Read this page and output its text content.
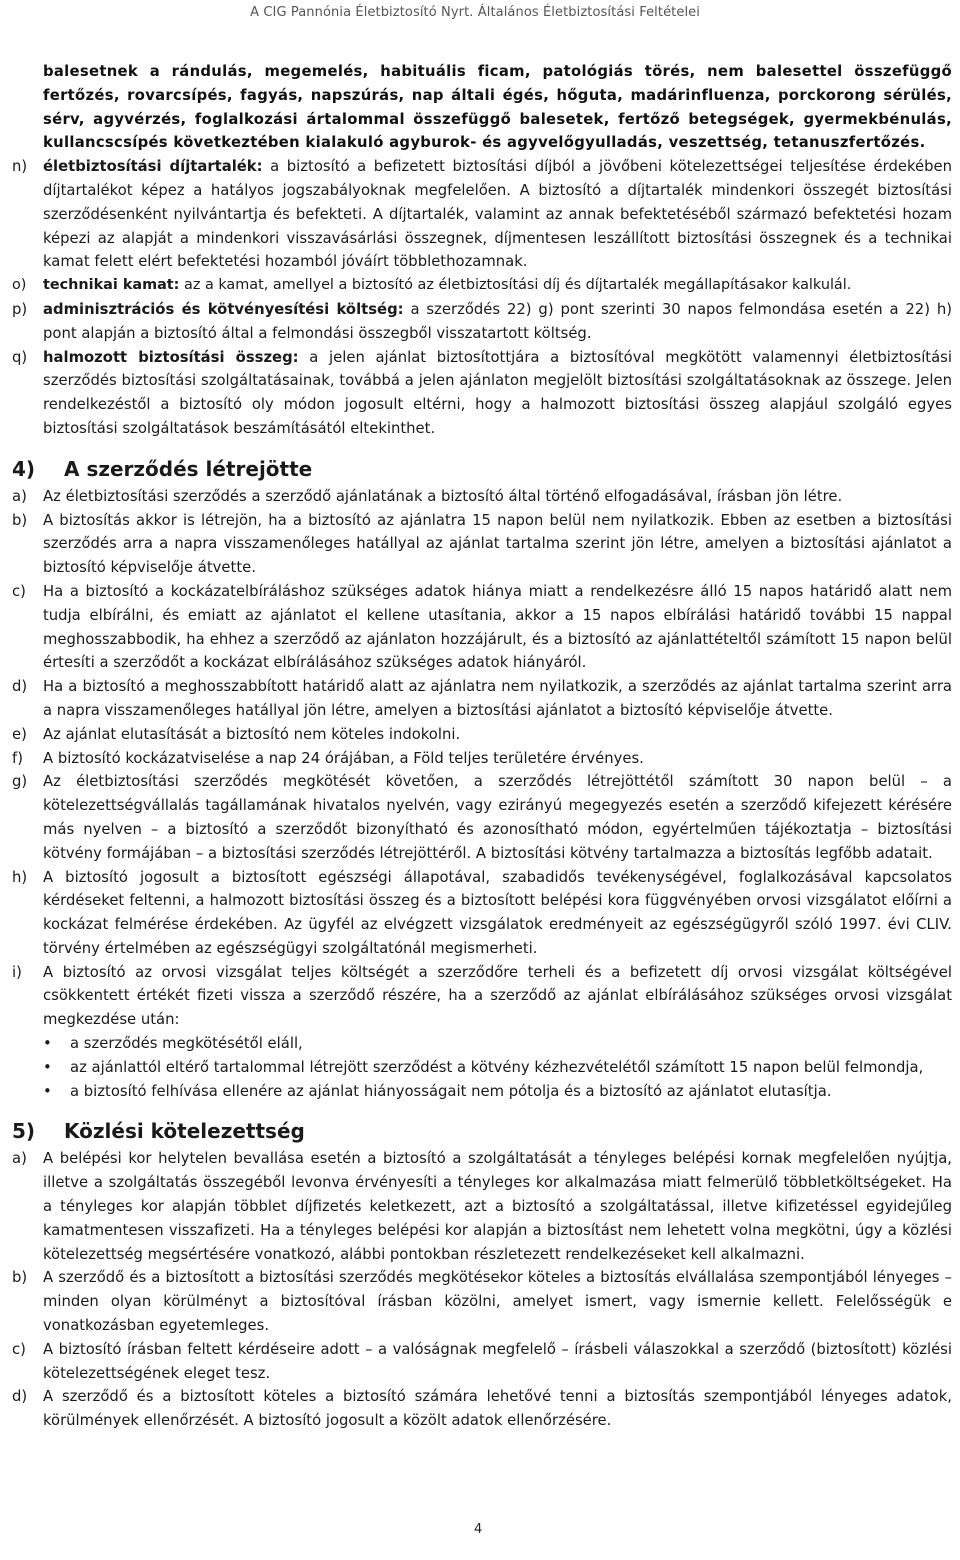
A CIG Pannónia Életbiztosító Nyrt. Általános Életbiztosítási Feltételei

balesetnek a rándulás, megemelés, habituális ficam, patológiás törés, nem balesettel összefüggő fertőzés, rovarcsípés, fagyás, napszúrás, nap általi égés, hőguta, madárinfluenza, porckorong sérülés, sérv, agyvérzés, foglalkozási ártalommal összefüggő balesetek, fertőző betegségek, gyermekbénulás, kullancscsípés következtében kialakuló agyburok- és agyvelőgyulladás, veszettség, tetanuszfertőzés.

n)	életbiztosítási díjtartalék: a biztosító a befizetett biztosítási díjból a jövőbeni kötelezettségei teljesítése érdekében díjtartalékot képez a hatályos jogszabályoknak megfelelően. A biztosító a díjtartalék mindenkori összegét biztosítási szerződésenként nyilvántartja és befekteti. A díjtartalék, valamint az annak befektetéséből származó befektetési hozam képezi az alapját a mindenkori visszavásárlási összegnek, díjmentesen leszállított biztosítási összegnek és a technikai kamat felett elért befektetési hozamból jóváírt többlethozamnak.

o)	technikai kamat: az a kamat, amellyel a biztosító az életbiztosítási díj és díjtartalék megállapításakor kalkulál.

p)	adminisztrációs és kötvényesítési költség: a szerződés 22) g) pont szerinti 30 napos felmondása esetén a 22) h) pont alapján a biztosító által a felmondási összegből visszatartott költség.

q)	halmozott biztosítási összeg: a jelen ajánlat biztosítottjára a biztosítóval megkötött valamennyi életbiztosítási szerződés biztosítási szolgáltatásainak, továbbá a jelen ajánlaton megjelölt biztosítási szolgáltatásoknak az összege. Jelen rendelkezéstől a biztosító oly módon jogosult eltérni, hogy a halmozott biztosítási összeg alapjául szolgáló egyes biztosítási szolgáltatások beszámításától eltekinthet.

4)	A szerződés létrejötte
a)	Az életbiztosítási szerződés a szerződő ajánlatának a biztosító által történő elfogadásával, írásban jön létre.

b)	A biztosítás akkor is létrejön, ha a biztosító az ajánlatra 15 napon belül nem nyilatkozik. Ebben az esetben a biztosítási szerződés arra a napra visszamenőleges hatállyal az ajánlat tartalma szerint jön létre, amelyen a biztosítási ajánlatot a biztosító képviselője átvette.

c)	Ha a biztosító a kockázatelbíráláshoz szükséges adatok hiánya miatt a rendelkezésre álló 15 napos határidő alatt nem tudja elbírálni, és emiatt az ajánlatot el kellene utasítania, akkor a 15 napos elbírálási határidő további 15 nappal meghosszabbodik, ha ehhez a szerződő az ajánlaton hozzájárult, és a biztosító az ajánlattételtől számított 15 napon belül értesíti a szerződőt a kockázat elbírálásához szükséges adatok hiányáról.

d)	Ha a biztosító a meghosszabbított határidő alatt az ajánlatra nem nyilatkozik, a szerződés az ajánlat tartalma szerint arra a napra visszamenőleges hatállyal jön létre, amelyen a biztosítási ajánlatot a biztosító képviselője átvette.

e)	Az ajánlat elutasítását a biztosító nem köteles indokolni.

f)	A biztosító kockázatviselése a nap 24 órájában, a Föld teljes területére érvényes.

g)	Az életbiztosítási szerződés megkötését követően, a szerződés létrejöttétől számított 30 napon belül – a kötelezettségvállalás tagállamának hivatalos nyelvén, vagy ezirányú megegyezés esetén a szerződő kifejezett kérésére más nyelven – a biztosító a szerződőt bizonyítható és azonosítható módon, egyértelműen tájékoztatja – biztosítási kötvény formájában – a biztosítási szerződés létrejöttéről. A biztosítási kötvény tartalmazza a biztosítás legfőbb adatait.

h)	A biztosító jogosult a biztosított egészségi állapotával, szabadidős tevékenységével, foglalkozásával kapcsolatos kérdéseket feltenni, a halmozott biztosítási összeg és a biztosított belépési kora függvényében orvosi vizsgálatot előírni a kockázat felmérése érdekében. Az ügyfél az elvégzett vizsgálatok eredményeit az egészségügyről szóló 1997. évi CLIV. törvény értelmében az egészségügyi szolgáltatónál megismerheti.

i)	A biztosító az orvosi vizsgálat teljes költségét a szerződőre terheli és a befizetett díj orvosi vizsgálat költségével csökkentett értékét fizeti vissza a szerződő részére, ha a szerződő az ajánlat elbírálásához szükséges orvosi vizsgálat megkezdése után:

•	a szerződés megkötésétől eláll,
•	az ajánlattól eltérő tartalommal létrejött szerződést a kötvény kézhezvételétől számított 15 napon belül felmondja,
•	a biztosító felhívása ellenére az ajánlat hiányosságait nem pótolja és a biztosító az ajánlatot elutasítja.
5)	Közlési kötelezettség
a)	A belépési kor helytelen bevallása esetén a biztosító a szolgáltatását a tényleges belépési kornak megfelelően nyújtja, illetve a szolgáltatás összegéből levonva érvényesíti a tényleges kor alkalmazása miatt felmerülő többletköltségeket. Ha a tényleges kor alapján többlet díjfizetés keletkezett, azt a biztosító a szolgáltatással, illetve kifizetéssel egyidejűleg kamatmentesen visszafizeti. Ha a tényleges belépési kor alapján a biztosítást nem lehetett volna megkötni, úgy a közlési kötelezettség megsértésére vonatkozó, alábbi pontokban részletezett rendelkezéseket kell alkalmazni.

b)	A szerződő és a biztosított a biztosítási szerződés megkötésekor köteles a biztosítás elvállalása szempontjából lényeges – minden olyan körülményt a biztosítóval írásban közölni, amelyet ismert, vagy ismernie kellett. Felelősségük e vonatkozásban egyetemleges.

c)	A biztosító írásban feltett kérdéseire adott – a valóságnak megfelelő – írásbeli válaszokkal a szerződő (biztosított) közlési kötelezettségének eleget tesz.

d)	A szerződő és a biztosított köteles a biztosító számára lehetővé tenni a biztosítás szempontjából lényeges adatok, körülmények ellenőrzését. A biztosító jogosult a közölt adatok ellenőrzésére.

4
